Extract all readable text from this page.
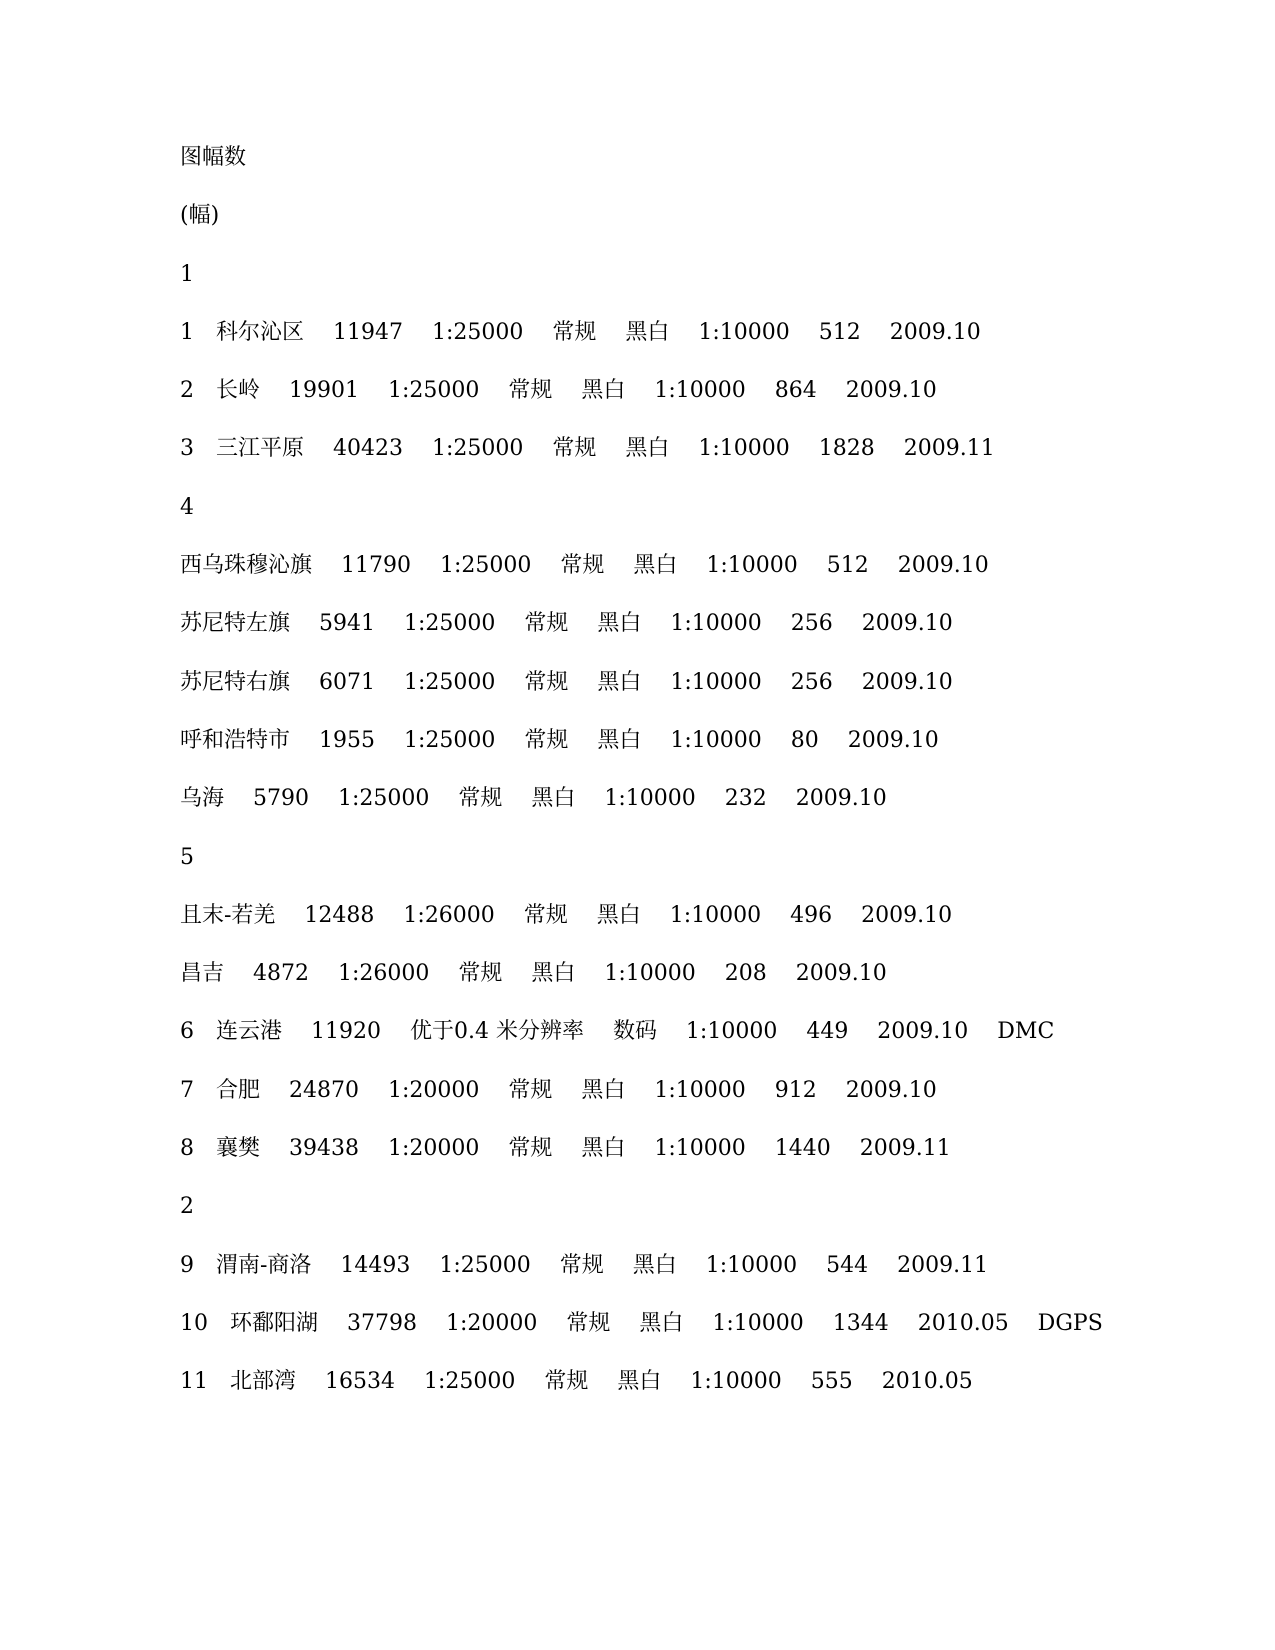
图幅数
(幅)
1
1　科尔沁区　 11947　 1:25000　 常规　 黑白　 1:10000　 512　 2009.10
2　长岭　 19901　 1:25000　 常规　 黑白　 1:10000　 864　 2009.10
3　三江平原　 40423　 1:25000　 常规　 黑白　 1:10000　 1828　 2009.11
4
西乌珠穆沁旗　 11790　 1:25000　 常规　 黑白　 1:10000　 512　 2009.10
苏尼特左旗　 5941　 1:25000　 常规　 黑白　 1:10000　 256　 2009.10
苏尼特右旗　 6071　 1:25000　 常规　 黑白　 1:10000　 256　 2009.10
呼和浩特市　 1955　 1:25000　 常规　 黑白　 1:10000　 80　 2009.10
乌海　 5790　 1:25000　 常规　 黑白　 1:10000　 232　 2009.10
5
且末-若羌　 12488　 1:26000　 常规　 黑白　 1:10000　 496　 2009.10
昌吉　 4872　 1:26000　 常规　 黑白　 1:10000　 208　 2009.10
6　连云港　 11920　 优于0.4 米分辨率　 数码　 1:10000　 449　 2009.10　 DMC
7　合肥　 24870　 1:20000　 常规　 黑白　 1:10000　 912　 2009.10
8　襄樊　 39438　 1:20000　 常规　 黑白　 1:10000　 1440　 2009.11
2
9　渭南-商洛　 14493　 1:25000　 常规　 黑白　 1:10000　 544　 2009.11
10　环鄱阳湖　 37798　 1:20000　 常规　 黑白　 1:10000　 1344　 2010.05　 DGPS
11　北部湾　 16534　 1:25000　 常规　 黑白　 1:10000　 555　 2010.05
